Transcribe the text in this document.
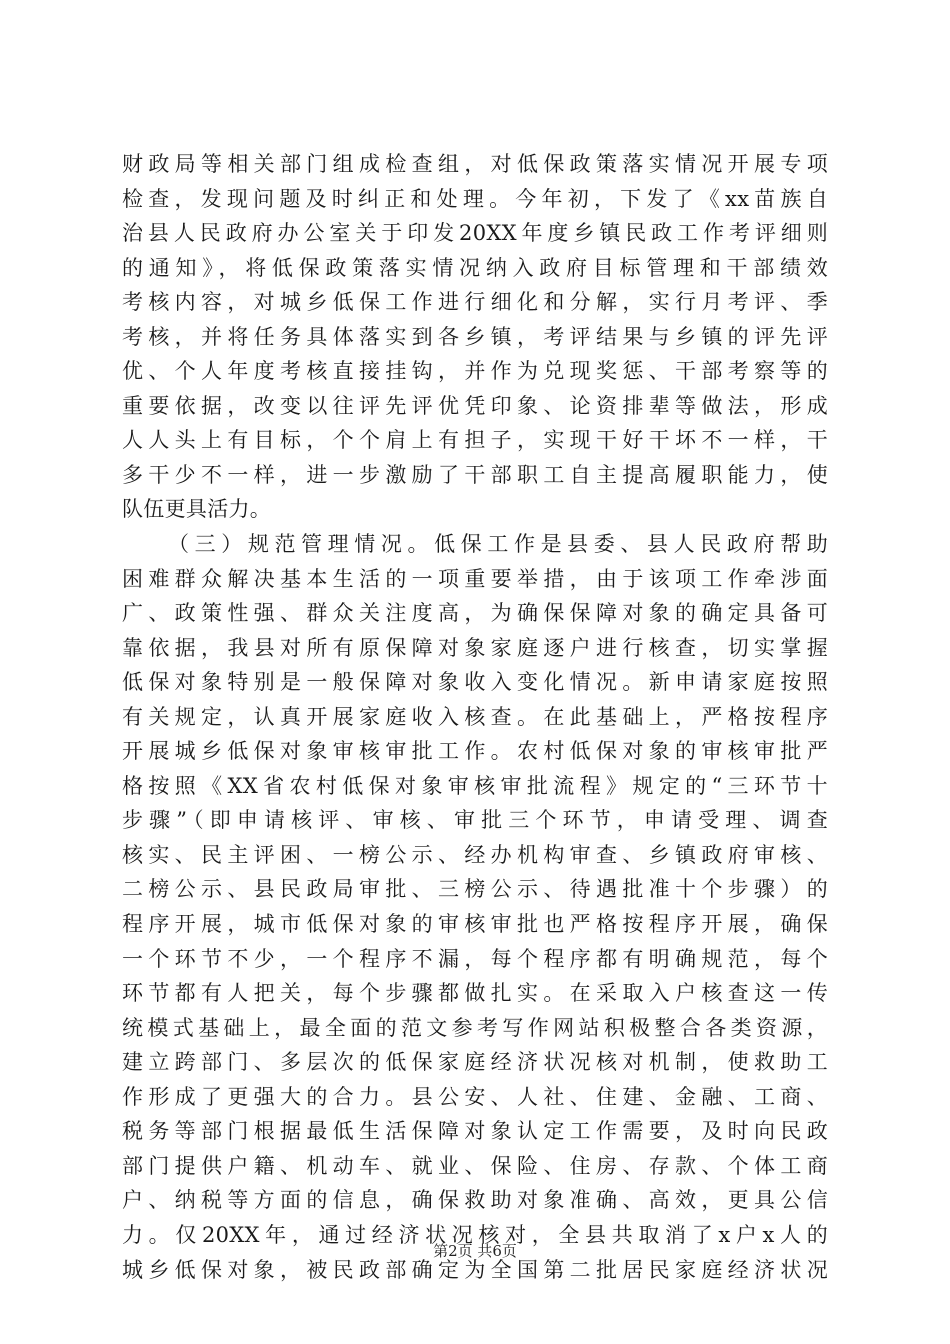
财政局等相关部门组成检查组，对低保政策落实情况开展专项
检查，发现问题及时纠正和处理。今年初，下发了《xx苗族自
治县人民政府办公室关于印发20XX年度乡镇民政工作考评细则
的通知》，将低保政策落实情况纳入政府目标管理和干部绩效
考核内容，对城乡低保工作进行细化和分解，实行月考评、季
考核，并将任务具体落实到各乡镇，考评结果与乡镇的评先评
优、个人年度考核直接挂钩，并作为兑现奖惩、干部考察等的
重要依据，改变以往评先评优凭印象、论资排辈等做法，形成
人人头上有目标，个个肩上有担子，实现干好干坏不一样，干
多干少不一样，进一步激励了干部职工自主提高履职能力，使
队伍更具活力。
（三）规范管理情况。低保工作是县委、县人民政府帮助
困难群众解决基本生活的一项重要举措，由于该项工作牵涉面
广、政策性强、群众关注度高，为确保保障对象的确定具备可
靠依据，我县对所有原保障对象家庭逐户进行核查，切实掌握
低保对象特别是一般保障对象收入变化情况。新申请家庭按照
有关规定，认真开展家庭收入核查。在此基础上，严格按程序
开展城乡低保对象审核审批工作。农村低保对象的审核审批严
格按照《XX省农村低保对象审核审批流程》规定的“三环节十
步骤”（即申请核评、审核、审批三个环节，申请受理、调查
核实、民主评困、一榜公示、经办机构审查、乡镇政府审核、
二榜公示、县民政局审批、三榜公示、待遇批准十个步骤）的
程序开展，城市低保对象的审核审批也严格按程序开展，确保
一个环节不少，一个程序不漏，每个程序都有明确规范，每个
环节都有人把关，每个步骤都做扎实。在采取入户核查这一传
统模式基础上，最全面的范文参考写作网站积极整合各类资源，
建立跨部门、多层次的低保家庭经济状况核对机制，使救助工
作形成了更强大的合力。县公安、人社、住建、金融、工商、
税务等部门根据最低生活保障对象认定工作需要，及时向民政
部门提供户籍、机动车、就业、保险、住房、存款、个体工商
户、纳税等方面的信息，确保救助对象准确、高效，更具公信
力。仅20XX年，通过经济状况核对，全县共取消了x户x人的
城乡低保对象，被民政部确定为全国第二批居民家庭经济状况
第2页 共6页
